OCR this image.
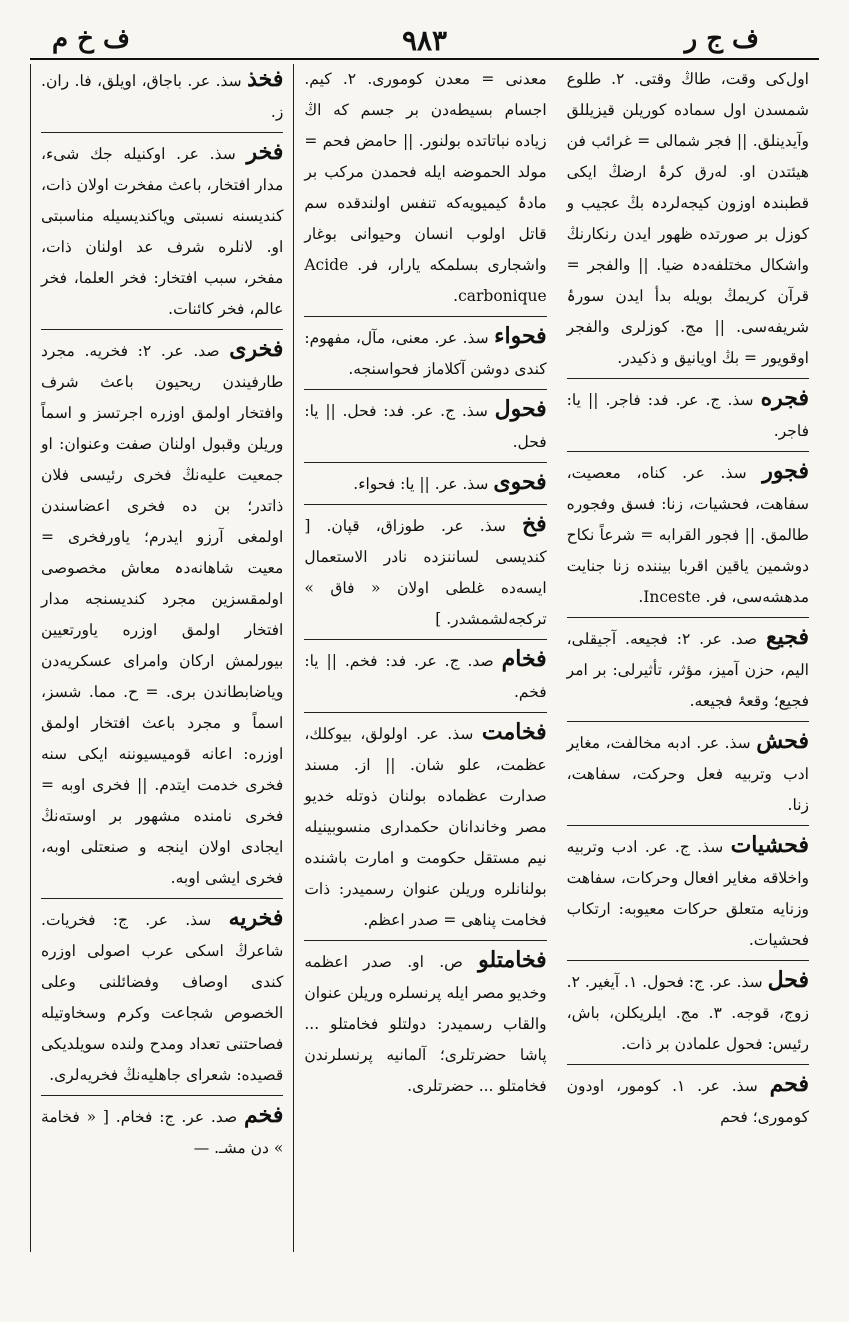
ف خ م	٩٨٣	ف ج ر

اول‌کی وقت، طاڭ وقتی. ٢. طلوع شمسدن اول سماده کوریلن قیزیللق وآیدینلق. || فجر شمالی = غرائب فن هیئتدن او. لەرق کرۂ ارضڭ ایکی قطبندہ اوزون کیجەلردہ بڭ عجیب و کوزل بر صورتده ظهور ایدن رنکارنڭ واشکال مختلفەدہ ضیا. || والفجر = قرآن کریمڭ بویله بدأ ایدن سورۂ شریفەسی. || مج. کوزلری والفجر اوقویور = بڭ اویانیق و ذکیدر.

فجره سذ. ج. عر. فد: فاجر. || یا: فاجر.

فجور سذ. عر. کناه، معصیت، سفاهت، فحشیات، زنا: فسق وفجوره طالمق. || فجور القرابه = شرعاً نکاح دوشمین یاقین اقربا بیننده زنا جنایت مدهشەسی، فر. Inceste.

فجیع صد. عر. ٢: فجیعه. آجیقلی، الیم، حزن آمیز، مؤثر، تأثیرلی: بر امر فجیع؛ وقعۂ فجیعه.

فحش سذ. عر. ادبه مخالفت، مغایر ادب وتربیه فعل وحرکت، سفاهت، زنا.

فحشیات سذ. ج. عر. ادب وتربیه واخلاقه مغایر افعال وحرکات، سفاهت وزنایه متعلق حرکات معیوبه: ارتکاب فحشیات.

فحل سذ. عر. ج: فحول. ١. آیغیر. ٢. زوج، قوجه. ٣. مج. ایلریکلن، باش، رئیس: فحول علمادن بر ذات.

فحم سذ. عر. ١. کومور، اودون کوموری؛ فحم

معدنی = معدن کوموری. ٢. کیم. اجسام بسیطەدن بر جسم که اڭ زیاده نباتاتده بولنور. || حامض فحم = مولد الحموضه ایله فحمدن مرکب بر مادۂ کیمیویه‌که تنفس اولندقده سم قاتل اولوب انسان وحیوانی بوغار واشجاری بسلمکه یارار، فر. Acide carbonique.

فحواء سذ. عر. معنی، مآل، مفهوم: کندی دوشن آکلاماز فحواسنجه.

فحول سذ. ج. عر. فد: فحل. || یا: فحل.

فحوی سذ. عر. || یا: فحواء.

فخ سذ. عر. طوزاق، قپان. [ کندیسی لساننزده نادر الاستعمال ایسەده غلطی اولان « فاق » ترکجەلشمشدر. ]

فخام صد. ج. عر. فد: فخم. || یا: فخم.

فخامت سذ. عر. اولولق، بیوکلك، عظمت، علو شان. || از. مسند صدارت عظماده بولنان ذوتله خدیو مصر وخاندانان حکمداری منسوبینیله نیم مستقل حکومت و امارت باشنده بولنانلره وریلن عنوان رسمیدر: ذات فخامت پناهی = صدر اعظم.

فخامتلو ص. او. صدر اعظمه وخدیو مصر ایله پرنسلره وریلن عنوان والقاب رسمیدر: دولتلو فخامتلو ... پاشا حضرتلری؛ آلمانیه پرنسلرندن فخامتلو ... حضرتلری.

فخذ سذ. عر. باجاق، اویلق، فا. ران. ز.

فخر سذ. عر. اوکنیله جك شیء، مدار افتخار، باعث مفخرت اولان ذات، کندیسنه نسبتی ویاکندیسیله مناسبتی او. لانلره شرف عد اولنان ذات، مفخر، سبب افتخار: فخر العلما، فخر عالم، فخر کائنات.

فخری صد. عر. ٢: فخریه. مجرد طارفیندن ریحیون باعث شرف وافتخار اولمق اوزره اجرتسز و اسماً وریلن وقبول اولنان صفت وعنوان: او جمعیت علیەنڭ فخری رئیسی فلان ذاتدر؛ بن ده فخری اعضاسندن اولمغی آرزو ایدرم؛ یاورفخری = معیت شاهانەدہ معاش مخصوصی اولمقسزین مجرد کندیسنجه مدار افتخار اولمق اوزره یاورتعیین بیورلمش ارکان وامرای عسکریەدن ویاضابطاندن بری. = ح. مما. شسز، اسماً و مجرد باعث افتخار اولمق اوزره: اعانه قومیسیوننه ایکی سنه فخری خدمت ایتدم. || فخری اوبه = فخری نامنده مشهور بر اوستەنڭ ایجادی اولان اینجه و صنعتلی اوبه، فخری ایشی اوبه.

فخریه سذ. عر. ج: فخریات. شاعرڭ اسکی عرب اصولی اوزره کندی اوصاف وفضائلنی وعلی الخصوص شجاعت وکرم وسخاوتیله فصاحتنی تعداد ومدح ولنده سویلدیکی قصیده: شعرای جاهلیەنڭ فخریەلری.

فخم صد. عر. ج: فخام. [ « فخامة » دن مشـ. —
